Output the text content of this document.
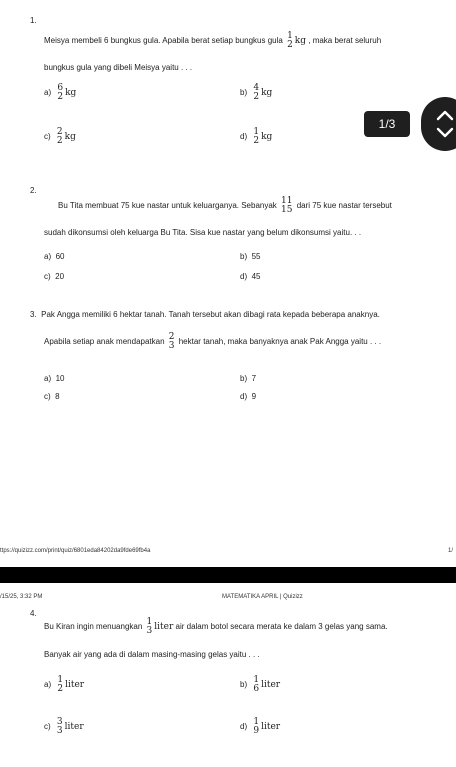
1.
Meisya membeli 6 bungkus gula. Apabila berat setiap bungkus gula 1
2 kg , maka berat seluruh
bungkus gula yang dibeli Meisya yaitu . . .
a) 6
2 kg	b) 4
2 kg
c) 2
2 kg	d) 1
2 kg
1/3
2.
Bu Tita membuat 75 kue nastar untuk keluarganya. Sebanyak 11
15 dari 75 kue nastar tersebut
sudah dikonsumsi oleh keluarga Bu Tita. Sisa kue nastar yang belum dikonsumsi yaitu. . .
a) 60	b) 55
c) 20	d) 45
3. Pak Angga memiliki 6 hektar tanah. Tanah tersebut akan dibagi rata kepada beberapa anaknya.
Apabila setiap anak mendapatkan 2
3 hektar tanah, maka banyaknya anak Pak Angga yaitu . . .
a) 10	b) 7
c) 8	d) 9
ttps://quizizz.com/print/quiz/6801eda84202da9fde69fb4a	1/
/15/25, 3:32 PM	MATEMATIKA APRIL | Quizizz
4.
Bu Kiran ingin menuangkan 1
3 liter air dalam botol secara merata ke dalam 3 gelas yang sama.
Banyak air yang ada di dalam masing-masing gelas yaitu . . .
a) 1
2 liter	b) 1
6 liter
c) 3
3 liter	d) 1
9 liter
